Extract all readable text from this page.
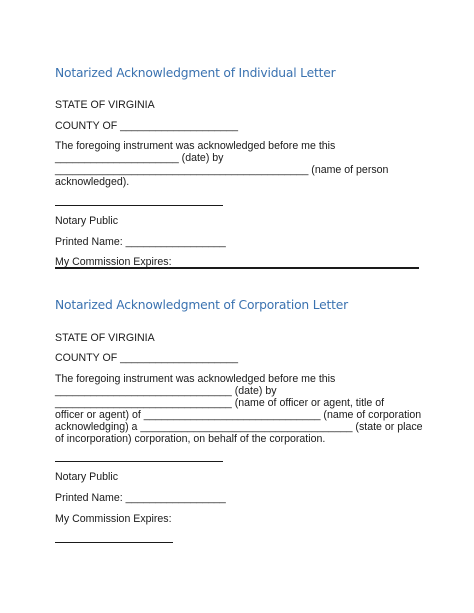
Notarized Acknowledgment of Individual Letter
STATE OF VIRGINIA
COUNTY OF ____________________
The foregoing instrument was acknowledged before me this
_____________________ (date) by
___________________________________________ (name of person
acknowledged).
Notary Public
Printed Name: _________________
My Commission Expires:
Notarized Acknowledgment of Corporation Letter
STATE OF VIRGINIA
COUNTY OF ____________________
The foregoing instrument was acknowledged before me this
______________________________ (date) by
______________________________ (name of officer or agent, title of
officer or agent) of ______________________________ (name of corporation
acknowledging) a ____________________________________ (state or place
of incorporation) corporation, on behalf of the corporation.
Notary Public
Printed Name: _________________
My Commission Expires:
